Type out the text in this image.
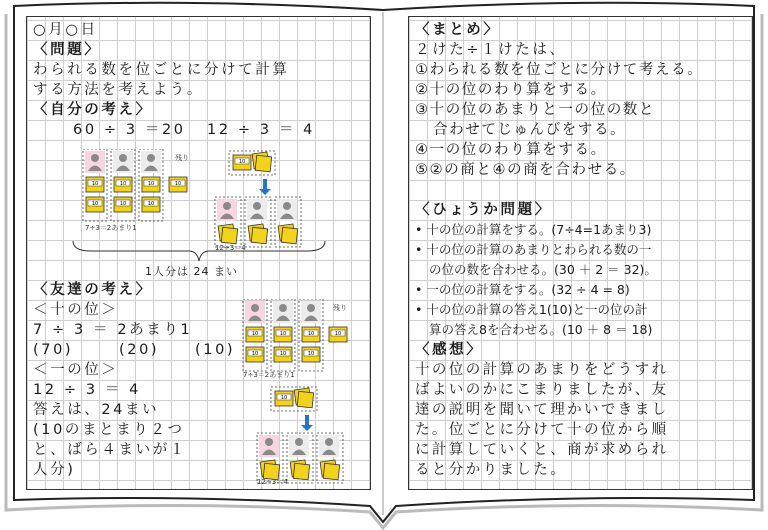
○月○日
〈問題〉
わられる数を位ごとに分けて計算
する方法を考えよう。
〈自分の考え〉
60 ÷ 3 ＝20 12 ÷ 3 ＝ 4
10
10
10
10
10
10
10
7÷3＝2あまり1
残り
10
12÷3＝4
1人分は 24 まい
〈友達の考え〉
＜十の位＞
7 ÷ 3 ＝ 2あまり1
(70)	(20) (10)
＜一の位＞
12 ÷ 3 ＝ 4
答えは、24まい
(10のまとまり２つ
と、ばら４まいが１
人分)
10
10
10
10
10
10
10
7÷3＝2あまり1
残り
10
12÷3＝4
〈まとめ〉
２けた÷１けたは、
①わられる数を位ごとに分けて考える。
②十の位のわり算をする。
③十の位のあまりと一の位の数と
合わせてじゅんびをする。
④一の位のわり算をする。
⑤②の商と④の商を合わせる。
〈ひょうか問題〉
• 十の位の計算をする。(7÷4=1あまり3)
• 十の位の計算のあまりとわられる数の一
の位の数を合わせる。(30 ＋ 2 ＝ 32)。
• 一の位の計算をする。(32 ÷ 4 = 8)
• 十の位の計算の答え1(10)と一の位の計
算の答え8を合わせる。(10 ＋ 8 ＝ 18)
〈感想〉
十の位の計算のあまりをどうすれ
ばよいのかにこまりましたが、友
達の説明を聞いて理かいできまし
た。位ごとに分けて十の位から順
に計算していくと、商が求められ
ると分かりました。
